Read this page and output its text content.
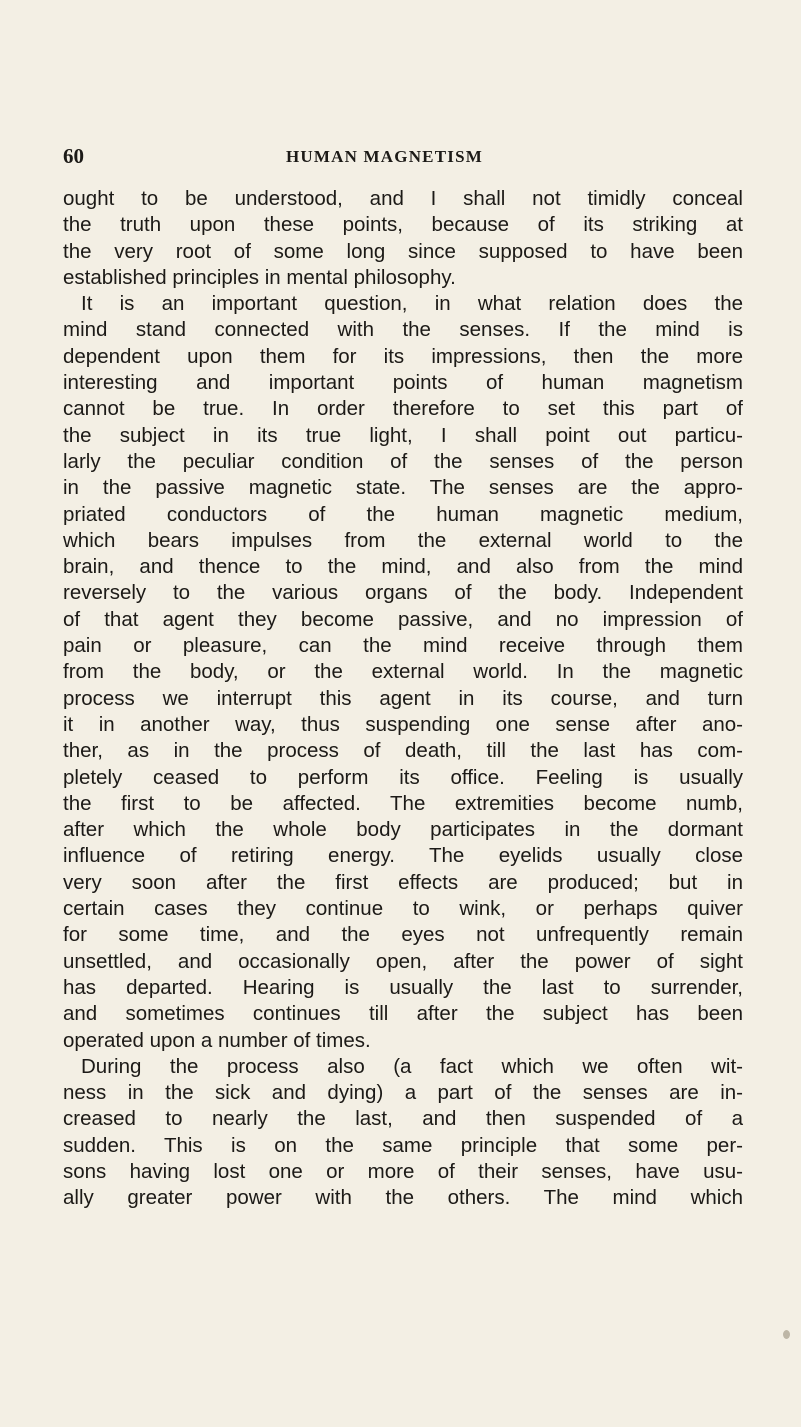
60	HUMAN MAGNETISM
ought to be understood, and I shall not timidly conceal
the truth upon these points, because of its striking at
the very root of some long since supposed to have been
established principles in mental philosophy.
It is an important question, in what relation does the
mind stand connected with the senses. If the mind is
dependent upon them for its impressions, then the more
interesting and important points of human magnetism
cannot be true. In order therefore to set this part of
the subject in its true light, I shall point out particu-
larly the peculiar condition of the senses of the person
in the passive magnetic state. The senses are the appro-
priated conductors of the human magnetic medium,
which bears impulses from the external world to the
brain, and thence to the mind, and also from the mind
reversely to the various organs of the body. Independent
of that agent they become passive, and no impression of
pain or pleasure, can the mind receive through them
from the body, or the external world. In the magnetic
process we interrupt this agent in its course, and turn
it in another way, thus suspending one sense after ano-
ther, as in the process of death, till the last has com-
pletely ceased to perform its office. Feeling is usually
the first to be affected. The extremities become numb,
after which the whole body participates in the dormant
influence of retiring energy. The eyelids usually close
very soon after the first effects are produced; but in
certain cases they continue to wink, or perhaps quiver
for some time, and the eyes not unfrequently remain
unsettled, and occasionally open, after the power of sight
has departed. Hearing is usually the last to surrender,
and sometimes continues till after the subject has been
operated upon a number of times.
During the process also (a fact which we often wit-
ness in the sick and dying) a part of the senses are in-
creased to nearly the last, and then suspended of a
sudden. This is on the same principle that some per-
sons having lost one or more of their senses, have usu-
ally greater power with the others. The mind which
